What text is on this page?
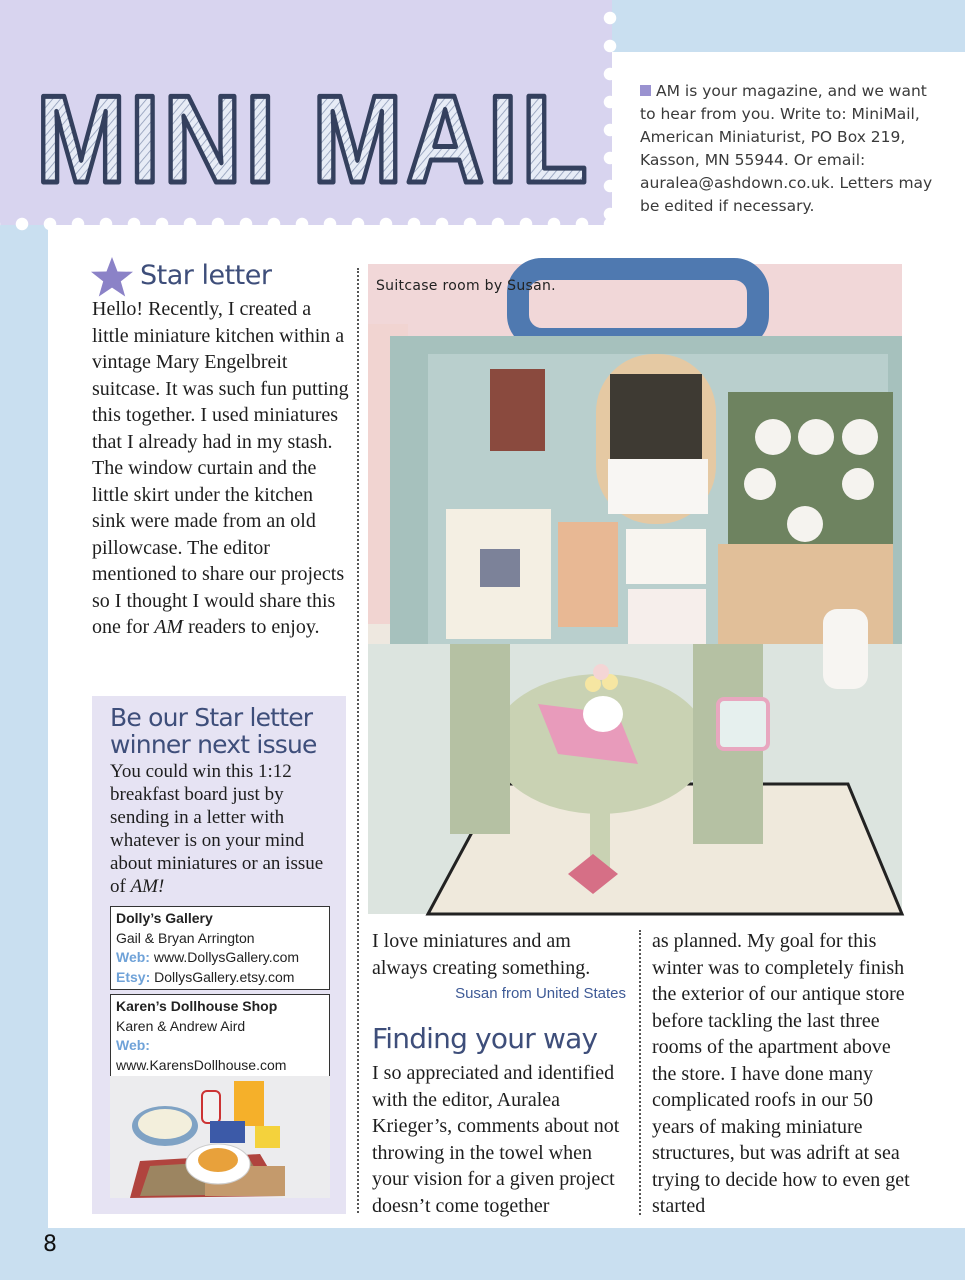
MINI MAIL	AM is your magazine, and we want to hear from you. Write to: MiniMail, American Miniaturist, PO Box 219, Kasson, MN 55944. Or email: auralea@ashdown.co.uk. Letters may be edited if necessary.
Star letter
Hello! Recently, I created a little miniature kitchen within a vintage Mary Engelbreit suitcase. It was such fun putting this together. I used miniatures that I already had in my stash. The window curtain and the little skirt under the kitchen sink were made from an old pillowcase. The editor mentioned to share our projects so I thought I would share this one for AM readers to enjoy.
Be our Star letter winner next issue
You could win this 1:12 breakfast board just by sending in a letter with whatever is on your mind about miniatures or an issue of AM!
Dolly’s Gallery
Gail & Bryan Arrington
Web: www.DollysGallery.com
Etsy: DollysGallery.etsy.com
Karen’s Dollhouse Shop
Karen & Andrew Aird
Web: www.KarensDollhouse.com
Suitcase room by Susan.
I love miniatures and am always creating something.
Susan from United States
Finding your way
I so appreciated and identified with the editor, Auralea Krieger’s, comments about not throwing in the towel when your vision for a given project doesn’t come together
as planned. My goal for this winter was to completely finish the exterior of our antique store before tackling the last three rooms of the apartment above the store. I have done many complicated roofs in our 50 years of making miniature structures, but was adrift at sea trying to decide how to even get started
8
